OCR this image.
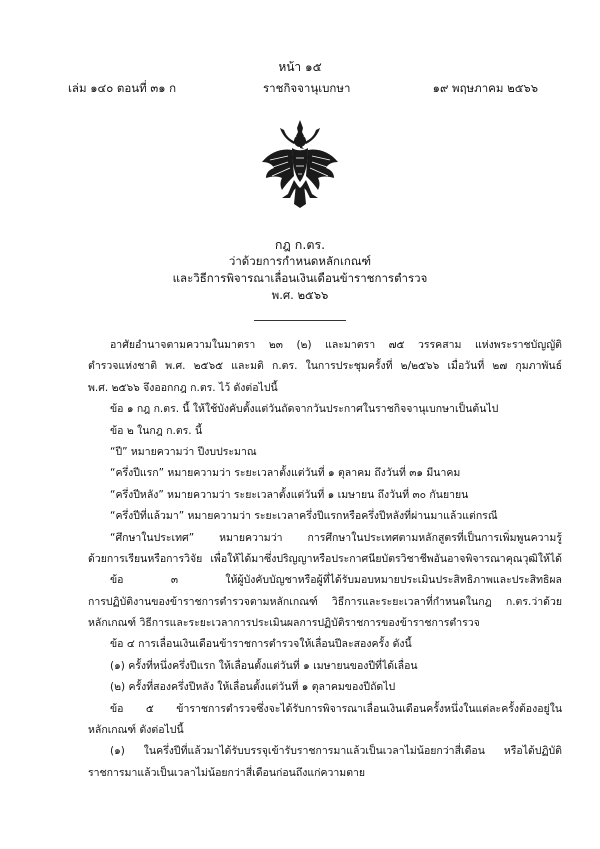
หน้า ๑๕
เล่ม ๑๔๐ ตอนที่ ๓๑ ก	ราชกิจจานุเบกษา	๑๙ พฤษภาคม ๒๕๖๖
กฎ ก.ตร.
ว่าด้วยการกำหนดหลักเกณฑ์
และวิธีการพิจารณาเลื่อนเงินเดือนข้าราชการตำรวจ
พ.ศ. ๒๕๖๖
อาศัยอำนาจตามความในมาตรา ๒๓ (๒) และมาตรา ๗๕ วรรคสาม แห่งพระราชบัญญัติ
ตำรวจแห่งชาติ พ.ศ. ๒๕๖๕ และมติ ก.ตร. ในการประชุมครั้งที่ ๒/๒๕๖๖ เมื่อวันที่ ๒๗ กุมภาพันธ์
พ.ศ. ๒๕๖๖ จึงออกกฎ ก.ตร. ไว้ ดังต่อไปนี้
ข้อ ๑ กฎ ก.ตร. นี้ ให้ใช้บังคับตั้งแต่วันถัดจากวันประกาศในราชกิจจานุเบกษาเป็นต้นไป
ข้อ ๒ ในกฎ ก.ตร. นี้
“ปี” หมายความว่า ปีงบประมาณ
“ครึ่งปีแรก” หมายความว่า ระยะเวลาตั้งแต่วันที่ ๑ ตุลาคม ถึงวันที่ ๓๑ มีนาคม
“ครึ่งปีหลัง” หมายความว่า ระยะเวลาตั้งแต่วันที่ ๑ เมษายน ถึงวันที่ ๓๐ กันยายน
“ครึ่งปีที่แล้วมา” หมายความว่า ระยะเวลาครึ่งปีแรกหรือครึ่งปีหลังที่ผ่านมาแล้วแต่กรณี
“ศึกษาในประเทศ” หมายความว่า การศึกษาในประเทศตามหลักสูตรที่เป็นการเพิ่มพูนความรู้
ด้วยการเรียนหรือการวิจัย เพื่อให้ได้มาซึ่งปริญญาหรือประกาศนียบัตรวิชาชีพอันอาจพิจารณาคุณวุฒิให้ได้
ข้อ ๓ ให้ผู้บังคับบัญชาหรือผู้ที่ได้รับมอบหมายประเมินประสิทธิภาพและประสิทธิผล
การปฏิบัติงานของข้าราชการตำรวจตามหลักเกณฑ์ วิธีการและระยะเวลาที่กำหนดในกฎ ก.ตร.ว่าด้วย
หลักเกณฑ์ วิธีการและระยะเวลาการประเมินผลการปฏิบัติราชการของข้าราชการตำรวจ
ข้อ ๔ การเลื่อนเงินเดือนข้าราชการตำรวจให้เลื่อนปีละสองครั้ง ดังนี้
(๑) ครั้งที่หนึ่งครึ่งปีแรก ให้เลื่อนตั้งแต่วันที่ ๑ เมษายนของปีที่ได้เลื่อน
(๒) ครั้งที่สองครึ่งปีหลัง ให้เลื่อนตั้งแต่วันที่ ๑ ตุลาคมของปีถัดไป
ข้อ ๕ ข้าราชการตำรวจซึ่งจะได้รับการพิจารณาเลื่อนเงินเดือนครั้งหนึ่งในแต่ละครั้งต้องอยู่ใน
หลักเกณฑ์ ดังต่อไปนี้
(๑) ในครึ่งปีที่แล้วมาได้รับบรรจุเข้ารับราชการมาแล้วเป็นเวลาไม่น้อยกว่าสี่เดือน หรือได้ปฏิบัติ
ราชการมาแล้วเป็นเวลาไม่น้อยกว่าสี่เดือนก่อนถึงแก่ความตาย
